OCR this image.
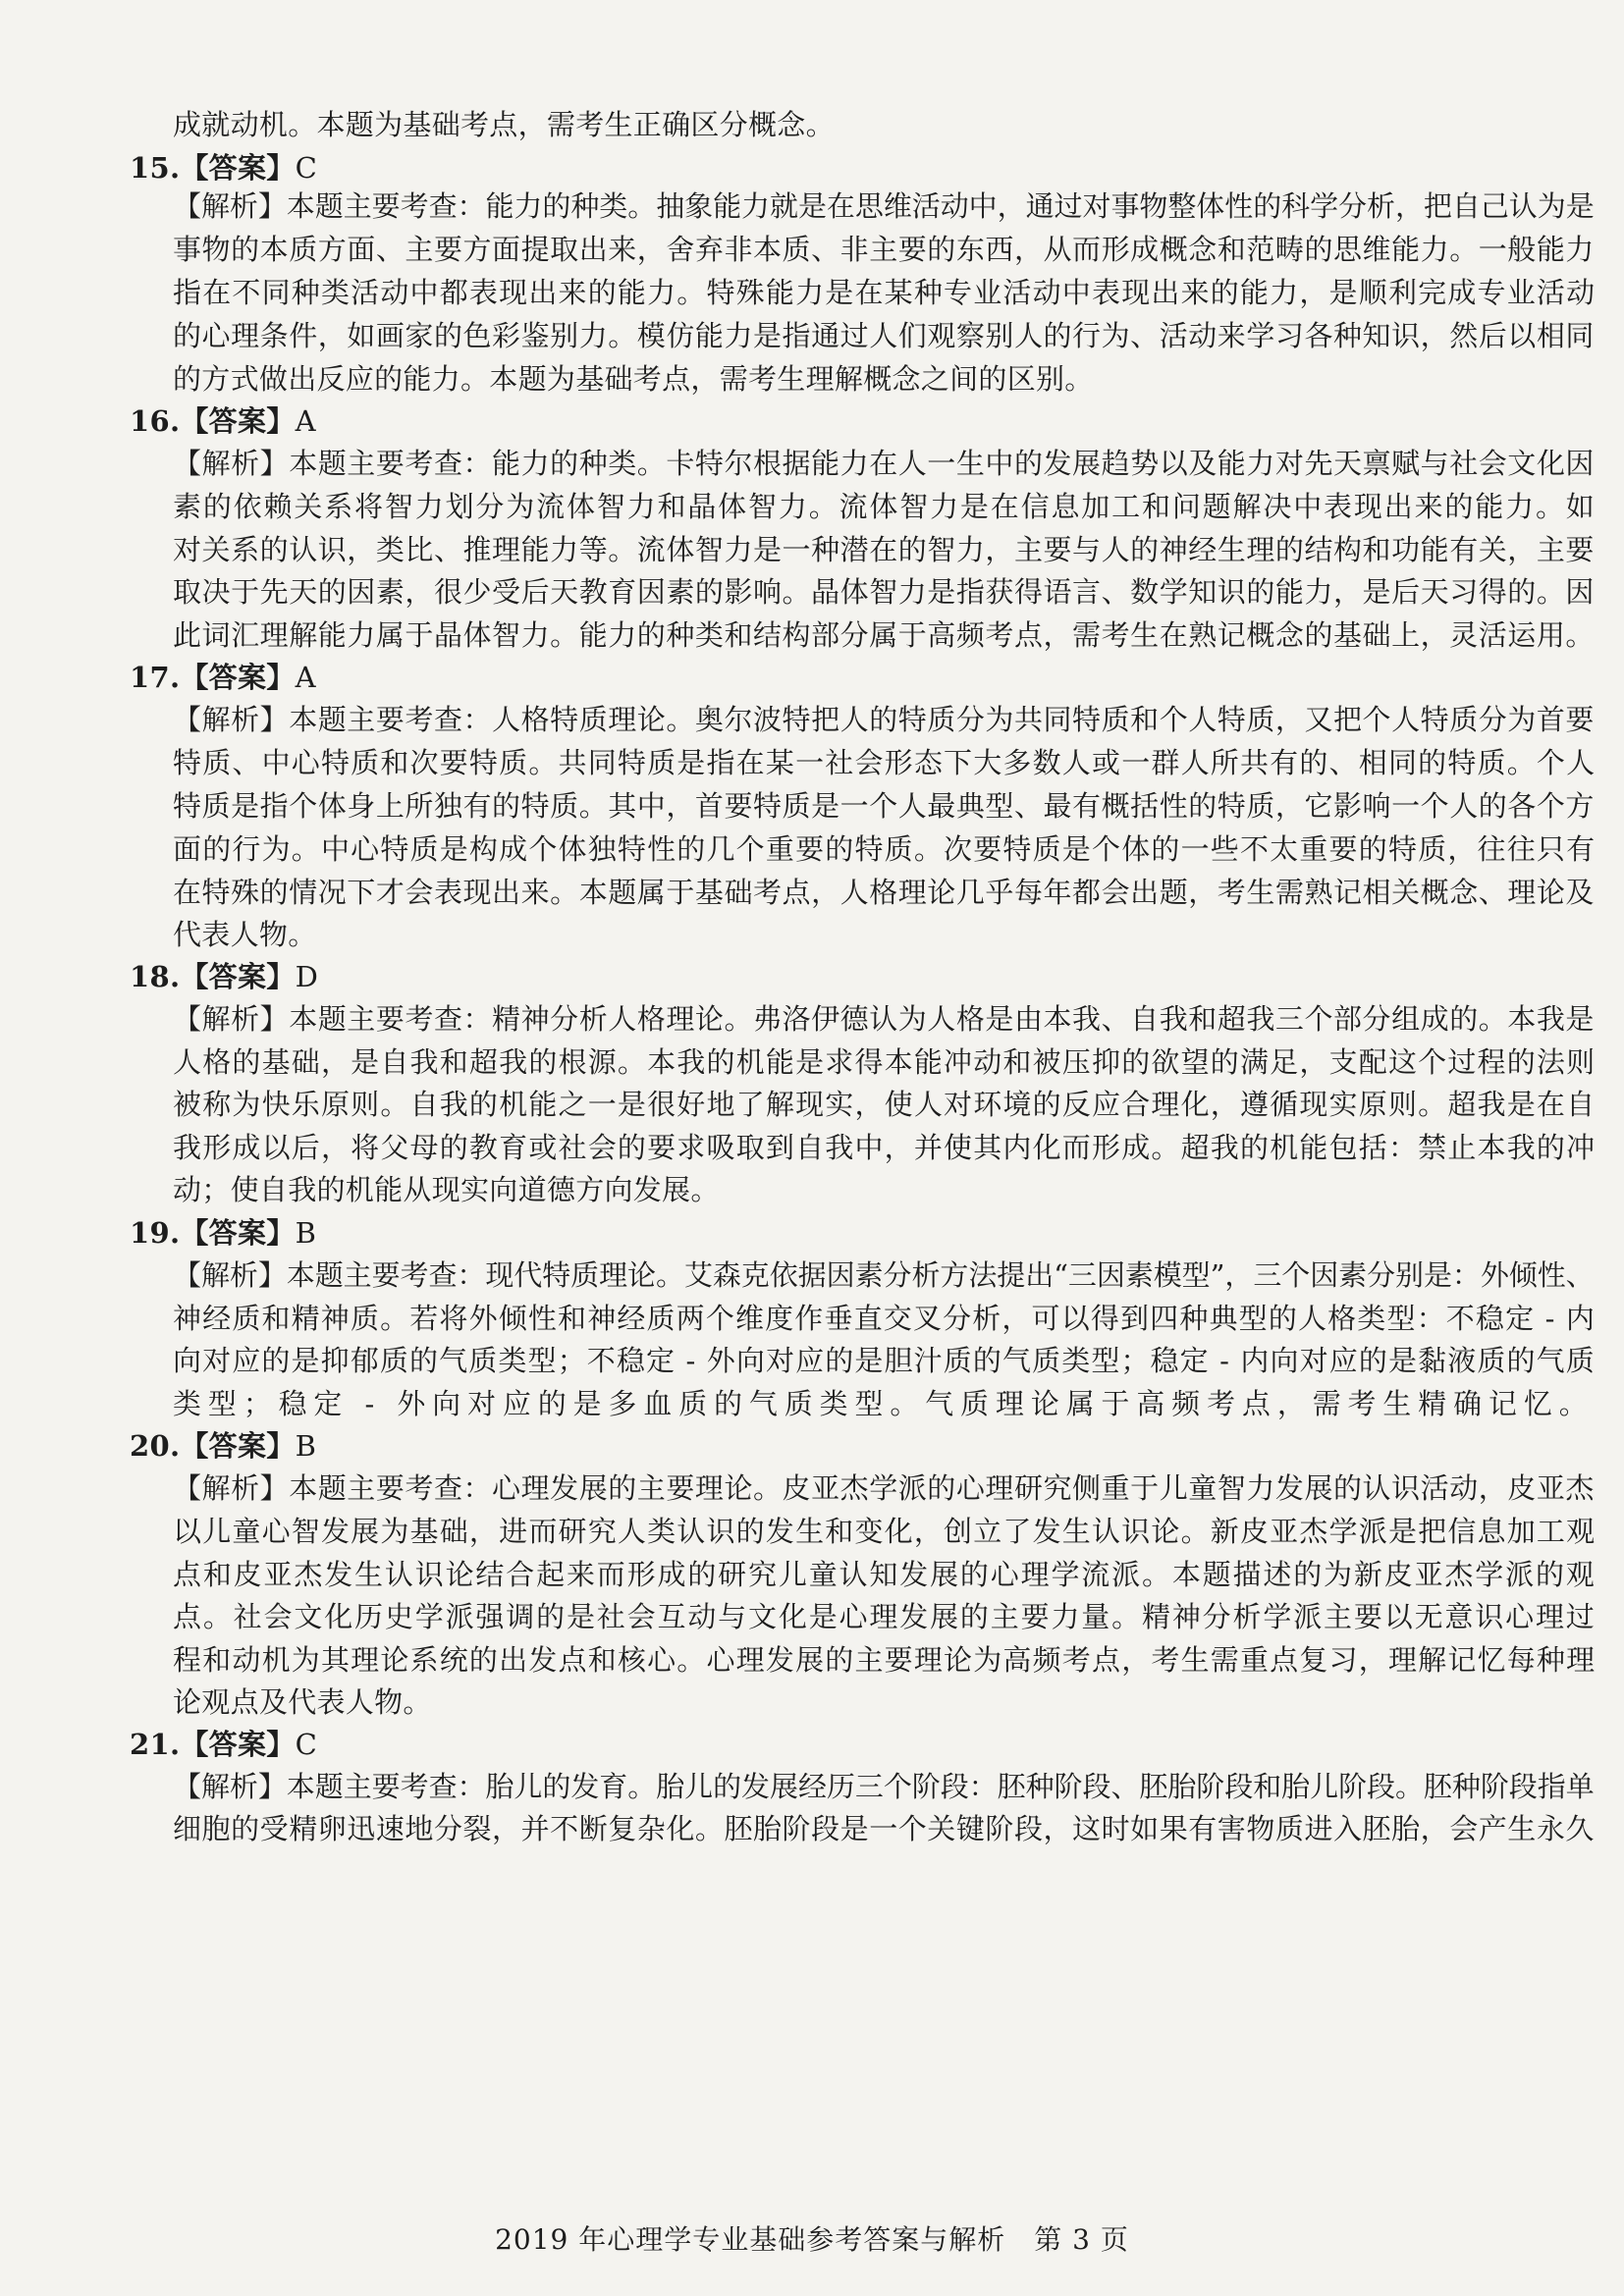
成就动机。本题为基础考点，需考生正确区分概念。
15.【答案】C
【解析】本题主要考查：能力的种类。抽象能力就是在思维活动中，通过对事物整体性的科学分析，把自己认为是
事物的本质方面、主要方面提取出来，舍弃非本质、非主要的东西，从而形成概念和范畴的思维能力。一般能力
指在不同种类活动中都表现出来的能力。特殊能力是在某种专业活动中表现出来的能力，是顺利完成专业活动
的心理条件，如画家的色彩鉴别力。模仿能力是指通过人们观察别人的行为、活动来学习各种知识，然后以相同
的方式做出反应的能力。本题为基础考点，需考生理解概念之间的区别。
16.【答案】A
【解析】本题主要考查：能力的种类。卡特尔根据能力在人一生中的发展趋势以及能力对先天禀赋与社会文化因
素的依赖关系将智力划分为流体智力和晶体智力。流体智力是在信息加工和问题解决中表现出来的能力。如
对关系的认识，类比、推理能力等。流体智力是一种潜在的智力，主要与人的神经生理的结构和功能有关，主要
取决于先天的因素，很少受后天教育因素的影响。晶体智力是指获得语言、数学知识的能力，是后天习得的。因
此词汇理解能力属于晶体智力。能力的种类和结构部分属于高频考点，需考生在熟记概念的基础上，灵活运用。
17.【答案】A
【解析】本题主要考查：人格特质理论。奥尔波特把人的特质分为共同特质和个人特质，又把个人特质分为首要
特质、中心特质和次要特质。共同特质是指在某一社会形态下大多数人或一群人所共有的、相同的特质。个人
特质是指个体身上所独有的特质。其中，首要特质是一个人最典型、最有概括性的特质，它影响一个人的各个方
面的行为。中心特质是构成个体独特性的几个重要的特质。次要特质是个体的一些不太重要的特质，往往只有
在特殊的情况下才会表现出来。本题属于基础考点，人格理论几乎每年都会出题，考生需熟记相关概念、理论及
代表人物。
18.【答案】D
【解析】本题主要考查：精神分析人格理论。弗洛伊德认为人格是由本我、自我和超我三个部分组成的。本我是
人格的基础，是自我和超我的根源。本我的机能是求得本能冲动和被压抑的欲望的满足，支配这个过程的法则
被称为快乐原则。自我的机能之一是很好地了解现实，使人对环境的反应合理化，遵循现实原则。超我是在自
我形成以后，将父母的教育或社会的要求吸取到自我中，并使其内化而形成。超我的机能包括：禁止本我的冲
动；使自我的机能从现实向道德方向发展。
19.【答案】B
【解析】本题主要考查：现代特质理论。艾森克依据因素分析方法提出“三因素模型”，三个因素分别是：外倾性、
神经质和精神质。若将外倾性和神经质两个维度作垂直交叉分析，可以得到四种典型的人格类型：不稳定 - 内
向对应的是抑郁质的气质类型；不稳定 - 外向对应的是胆汁质的气质类型；稳定 - 内向对应的是黏液质的气质
类型；稳定 - 外向对应的是多血质的气质类型。气质理论属于高频考点，需考生精确记忆。
20.【答案】B
【解析】本题主要考查：心理发展的主要理论。皮亚杰学派的心理研究侧重于儿童智力发展的认识活动，皮亚杰
以儿童心智发展为基础，进而研究人类认识的发生和变化，创立了发生认识论。新皮亚杰学派是把信息加工观
点和皮亚杰发生认识论结合起来而形成的研究儿童认知发展的心理学流派。本题描述的为新皮亚杰学派的观
点。社会文化历史学派强调的是社会互动与文化是心理发展的主要力量。精神分析学派主要以无意识心理过
程和动机为其理论系统的出发点和核心。心理发展的主要理论为高频考点，考生需重点复习，理解记忆每种理
论观点及代表人物。
21.【答案】C
【解析】本题主要考查：胎儿的发育。胎儿的发展经历三个阶段：胚种阶段、胚胎阶段和胎儿阶段。胚种阶段指单
细胞的受精卵迅速地分裂，并不断复杂化。胚胎阶段是一个关键阶段，这时如果有害物质进入胚胎，会产生永久
2019 年心理学专业基础参考答案与解析　第 3 页
